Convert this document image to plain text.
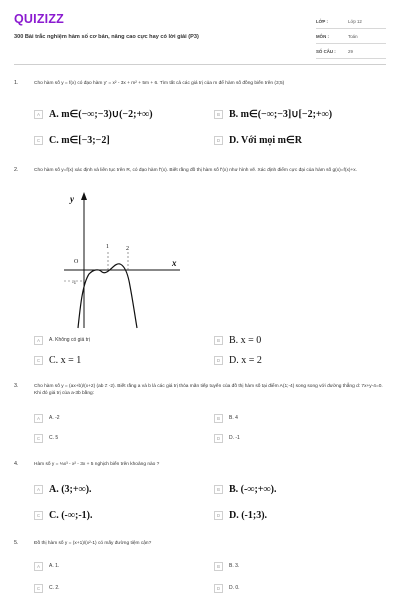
QUIZIZZ
300 Bài trắc nghiệm hàm số cơ bản, nâng cao cực hay có lời giải (P3)
LỚP :	Lớp 12
MÔN :	Toán
SỐ CÂU :	29
1.	Cho hàm số y = f(x) có đạo hàm y' = x² - 3x + m² + 5m + 6. Tìm tất cả các giá trị của m để hàm số đồng biến trên (3;5)
A A. m∈(−∞;−3)∪(−2;+∞)	B B. m∈(−∞;−3]∪[−2;+∞)
C C. m∈[−3;−2]	D D. Với mọi m∈R
2.	Cho hàm số y=f(x) xác định và liên tục trên R, có đạo hàm f'(x). Biết rằng đồ thị hàm số f'(x) như hình vẽ. Xác định điểm cực đại của hàm số g(x)=f(x)+x.
y
x
O
1	2
-1
A	A. Không có giá trị	B B. x = 0
C C. x = 1	D D. x = 2
3.	Cho hàm số y = (ax+b)/(x+2) (ab ≠ -2). Biết rằng a và b là các giá trị thỏa mãn tiếp tuyến của đồ thị hàm số tại điểm A(1;-4) song song với đường thẳng d: 7x+y-4=0. Khi đó giá trị của a-3b bằng:
A	A. -2	B	B. 4
C	C. 5	D	D. -1
4.	Hàm số y = ⅓x³ - x² - 3x + 5 nghịch biến trên khoảng nào ?
A A. (3;+∞).	B B. (-∞;+∞).
C C. (-∞;-1).	D D. (-1;3).
5.	Đồ thị hàm số y = (x+1)/(x²-1) có mấy đường tiệm cận?
A	A. 1.	B	B. 3.
C	C. 2.	D	D. 0.
